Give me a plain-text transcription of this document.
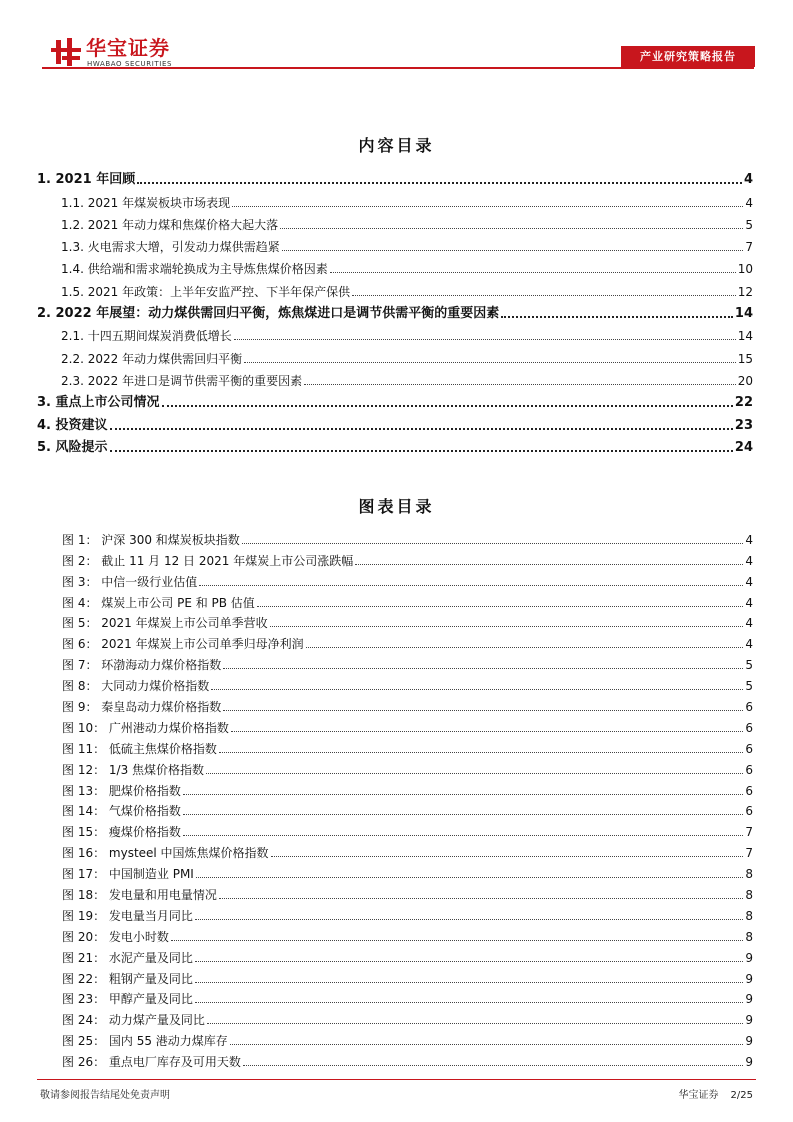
华宝证券
HWABAO SECURITIES
产业研究策略报告
内容目录
1. 2021 年回顾	4
1.1. 2021 年煤炭板块市场表现	4
1.2. 2021 年动力煤和焦煤价格大起大落	5
1.3. 火电需求大增，引发动力煤供需趋紧	7
1.4. 供给端和需求端轮换成为主导炼焦煤价格因素	10
1.5. 2021 年政策：上半年安监严控、下半年保产保供	12
2. 2022 年展望：动力煤供需回归平衡，炼焦煤进口是调节供需平衡的重要因素	14
2.1. 十四五期间煤炭消费低增长	14
2.2. 2022 年动力煤供需回归平衡	15
2.3. 2022 年进口是调节供需平衡的重要因素	20
3. 重点上市公司情况	22
4. 投资建议	23
5. 风险提示	24
图表目录
图 1： 沪深 300 和煤炭板块指数	4
图 2： 截止 11 月 12 日 2021 年煤炭上市公司涨跌幅	4
图 3： 中信一级行业估值	4
图 4： 煤炭上市公司 PE 和 PB 估值	4
图 5： 2021 年煤炭上市公司单季营收	4
图 6： 2021 年煤炭上市公司单季归母净利润	4
图 7： 环渤海动力煤价格指数	5
图 8： 大同动力煤价格指数	5
图 9： 秦皇岛动力煤价格指数	6
图 10： 广州港动力煤价格指数	6
图 11： 低硫主焦煤价格指数	6
图 12： 1/3 焦煤价格指数	6
图 13： 肥煤价格指数	6
图 14： 气煤价格指数	6
图 15： 瘦煤价格指数	7
图 16： mysteel 中国炼焦煤价格指数	7
图 17： 中国制造业 PMI	8
图 18： 发电量和用电量情况	8
图 19： 发电量当月同比	8
图 20： 发电小时数	8
图 21： 水泥产量及同比	9
图 22： 粗钢产量及同比	9
图 23： 甲醇产量及同比	9
图 24： 动力煤产量及同比	9
图 25： 国内 55 港动力煤库存	9
图 26： 重点电厂库存及可用天数	9
敬请参阅报告结尾处免责声明	华宝证券 2/25
